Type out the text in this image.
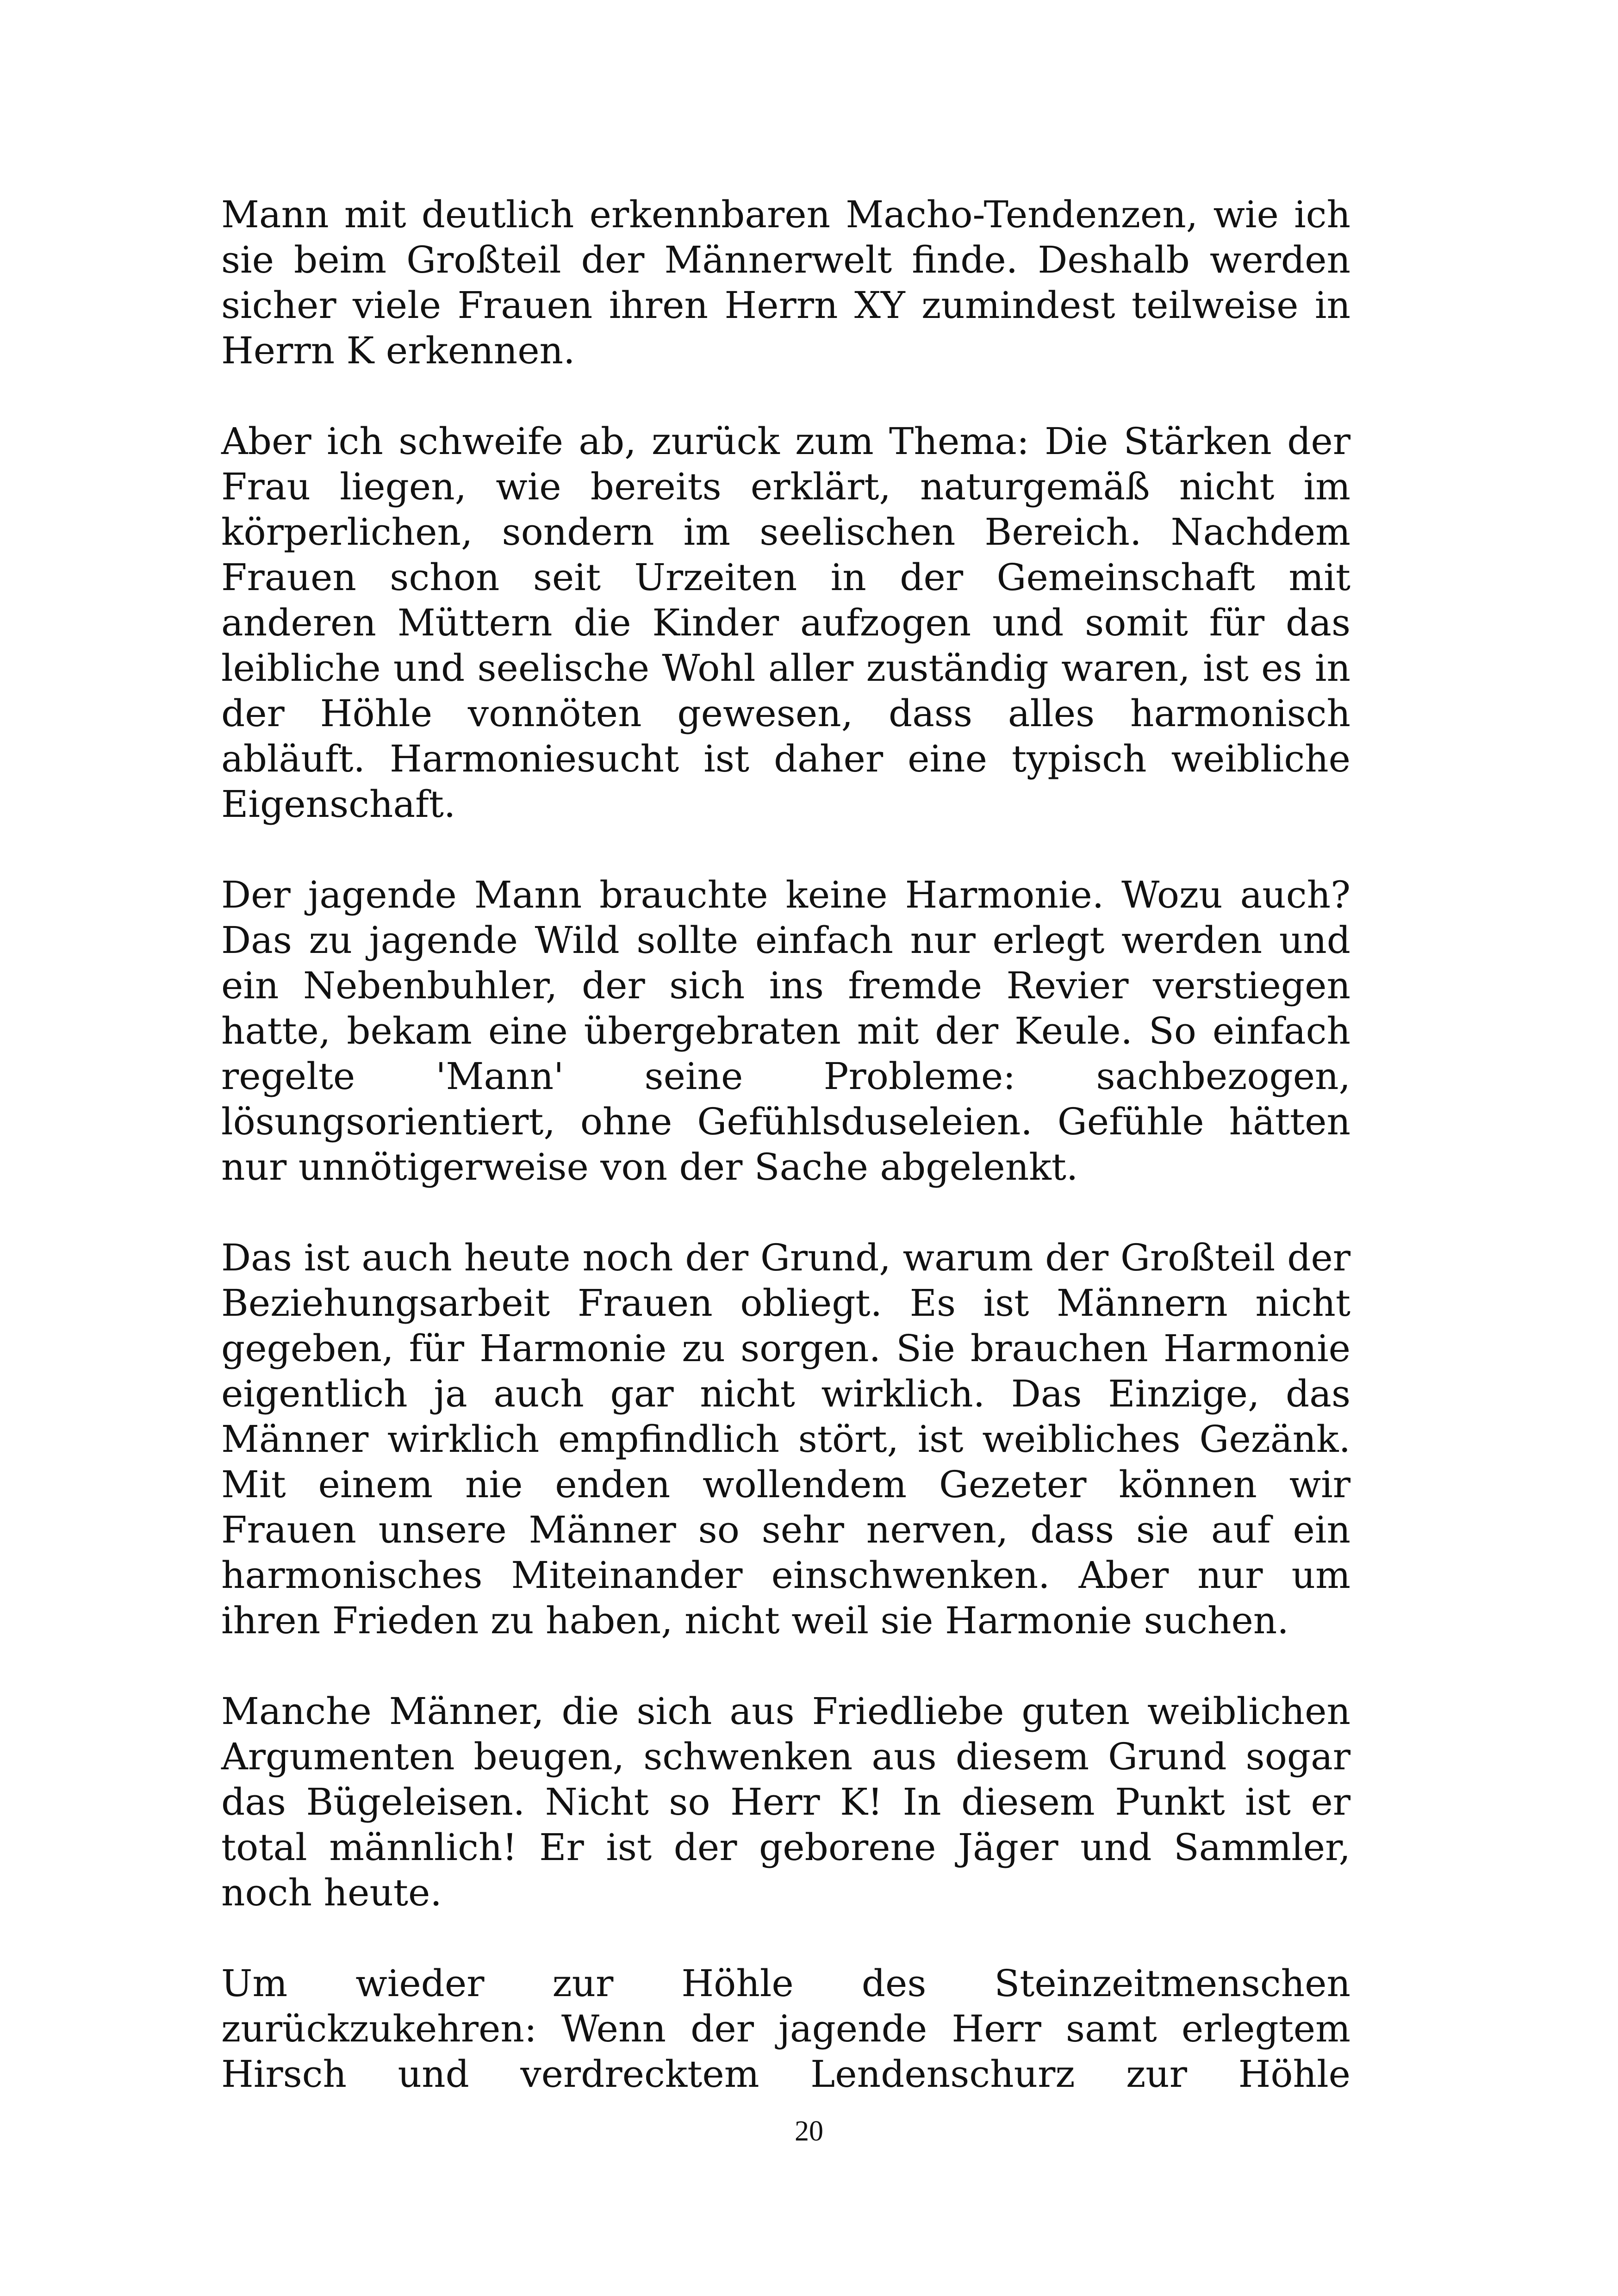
Mann mit deutlich erkennbaren Macho-Tendenzen, wie ich sie beim Großteil der Männerwelt finde. Deshalb werden sicher viele Frauen ihren Herrn XY zumindest teilweise in Herrn K erkennen.

Aber ich schweife ab, zurück zum Thema: Die Stärken der Frau liegen, wie bereits erklärt, naturgemäß nicht im körperlichen, sondern im seelischen Bereich. Nachdem Frauen schon seit Urzeiten in der Gemeinschaft mit anderen Müttern die Kinder aufzogen und somit für das leibliche und seelische Wohl aller zuständig waren, ist es in der Höhle vonnöten gewesen, dass alles harmonisch abläuft. Harmoniesucht ist daher eine typisch weibliche Eigenschaft.

Der jagende Mann brauchte keine Harmonie. Wozu auch? Das zu jagende Wild sollte einfach nur erlegt werden und ein Nebenbuhler, der sich ins fremde Revier verstiegen hatte, bekam eine übergebraten mit der Keule. So einfach regelte 'Mann' seine Probleme: sachbezogen, lösungsorientiert, ohne Gefühlsduseleien. Gefühle hätten nur unnötigerweise von der Sache abgelenkt.

Das ist auch heute noch der Grund, warum der Großteil der Beziehungsarbeit Frauen obliegt. Es ist Männern nicht gegeben, für Harmonie zu sorgen. Sie brauchen Harmonie eigentlich ja auch gar nicht wirklich. Das Einzige, das Männer wirklich empfindlich stört, ist weibliches Gezänk. Mit einem nie enden wollendem Gezeter können wir Frauen unsere Männer so sehr nerven, dass sie auf ein harmonisches Miteinander einschwenken. Aber nur um ihren Frieden zu haben, nicht weil sie Harmonie suchen.

Manche Männer, die sich aus Friedliebe guten weiblichen Argumenten beugen, schwenken aus diesem Grund sogar das Bügeleisen. Nicht so Herr K! In diesem Punkt ist er total männlich! Er ist der geborene Jäger und Sammler, noch heute.

Um wieder zur Höhle des Steinzeitmenschen zurückzukehren: Wenn der jagende Herr samt erlegtem Hirsch und verdrecktem Lendenschurz zur Höhle

20
